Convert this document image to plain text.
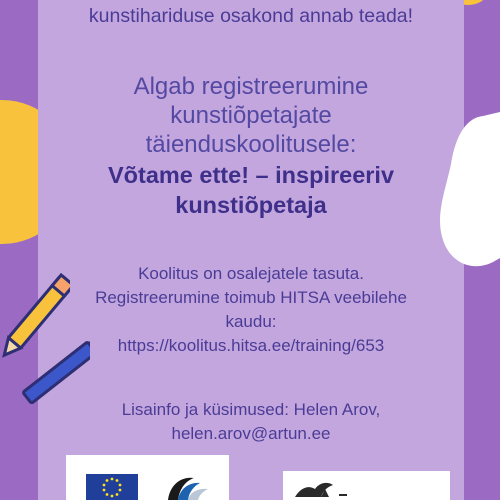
kunstihariduse osakond annab teada!

Algab registreerumine
kunstiõpetajate
täienduskoolitusele:
Võtame ette! – inspireeriv
kunstiõpetaja
Koolitus on osalejatele tasuta.
Registreerumine toimub HITSA veebilehe
kaudu:
https://koolitus.hitsa.ee/training/653
Lisainfo ja küsimused: Helen Arov,
helen.arov@artun.ee
